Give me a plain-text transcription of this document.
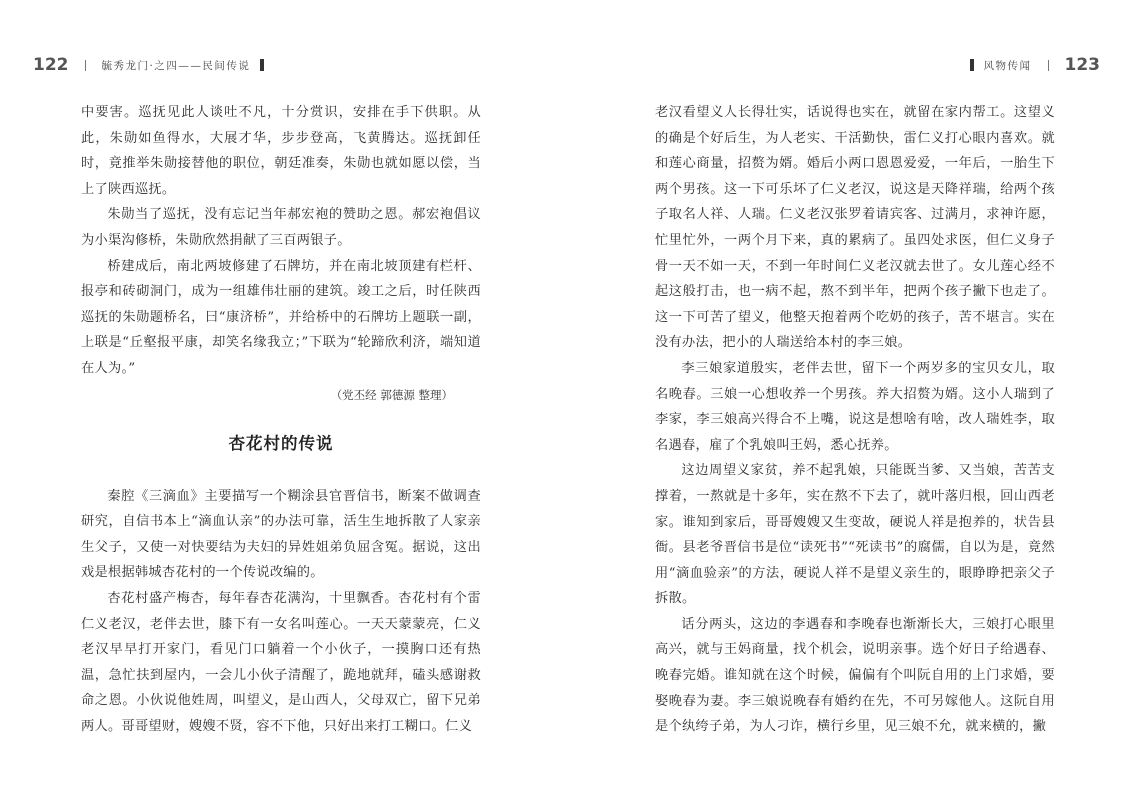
122	毓秀龙门·之四——民间传说

中要害。巡抚见此人谈吐不凡，十分赏识，安排在手下供职。从此，朱勋如鱼得水，大展才华，步步登高，飞黄腾达。巡抚卸任时，竟推举朱勋接替他的职位，朝廷准奏，朱勋也就如愿以偿，当上了陕西巡抚。

朱勋当了巡抚，没有忘记当年郝宏袍的赞助之恩。郝宏袍倡议为小渠沟修桥，朱勋欣然捐献了三百两银子。

桥建成后，南北两坡修建了石牌坊，并在南北坡顶建有栏杆、报亭和砖砌洞门，成为一组雄伟壮丽的建筑。竣工之后，时任陕西巡抚的朱勋题桥名，曰“康济桥”，并给桥中的石牌坊上题联一副，上联是“丘壑报平康，却笑名缘我立；”下联为“轮蹄欣利济，端知道在人为。”

（党丕经 郭德源 整理）
杏花村的传说

秦腔《三滴血》主要描写一个糊涂县官晋信书，断案不做调查研究，自信书本上“滴血认亲”的办法可靠，活生生地拆散了人家亲生父子，又使一对快要结为夫妇的异姓姐弟负屈含冤。据说，这出戏是根据韩城杏花村的一个传说改编的。

杏花村盛产梅杏，每年春杏花满沟，十里飘香。杏花村有个雷仁义老汉，老伴去世，膝下有一女名叫莲心。一天天蒙蒙亮，仁义老汉早早打开家门，看见门口躺着一个小伙子，一摸胸口还有热温，急忙扶到屋内，一会儿小伙子清醒了，跪地就拜，磕头感谢救命之恩。小伙说他姓周，叫望义，是山西人，父母双亡，留下兄弟两人。哥哥望财，嫂嫂不贤，容不下他，只好出来打工糊口。仁义

风物传闻 123

老汉看望义人长得壮实，话说得也实在，就留在家内帮工。这望义的确是个好后生，为人老实、干活勤快，雷仁义打心眼内喜欢。就和莲心商量，招赘为婿。婚后小两口恩恩爱爱，一年后，一胎生下两个男孩。这一下可乐坏了仁义老汉，说这是天降祥瑞，给两个孩子取名人祥、人瑞。仁义老汉张罗着请宾客、过满月，求神许愿，忙里忙外，一两个月下来，真的累病了。虽四处求医，但仁义身子骨一天不如一天，不到一年时间仁义老汉就去世了。女儿莲心经不起这般打击，也一病不起，熬不到半年，把两个孩子撇下也走了。这一下可苦了望义，他整天抱着两个吃奶的孩子，苦不堪言。实在没有办法，把小的人瑞送给本村的李三娘。

李三娘家道殷实，老伴去世，留下一个两岁多的宝贝女儿，取名晚春。三娘一心想收养一个男孩。养大招赘为婿。这小人瑞到了李家，李三娘高兴得合不上嘴，说这是想啥有啥，改人瑞姓李，取名遇春，雇了个乳娘叫王妈，悉心抚养。

这边周望义家贫，养不起乳娘，只能既当爹、又当娘，苦苦支撑着，一熬就是十多年，实在熬不下去了，就叶落归根，回山西老家。谁知到家后，哥哥嫂嫂又生变故，硬说人祥是抱养的，状告县衙。县老爷晋信书是位“读死书”“死读书”的腐儒，自以为是，竟然用“滴血验亲”的方法，硬说人祥不是望义亲生的，眼睁睁把亲父子拆散。

话分两头，这边的李遇春和李晚春也渐渐长大，三娘打心眼里高兴，就与王妈商量，找个机会，说明亲事。选个好日子给遇春、晚春完婚。谁知就在这个时候，偏偏有个叫阮自用的上门求婚，要娶晚春为妻。李三娘说晚春有婚约在先，不可另嫁他人。这阮自用是个纨绔子弟，为人刁诈，横行乡里，见三娘不允，就来横的，撇
